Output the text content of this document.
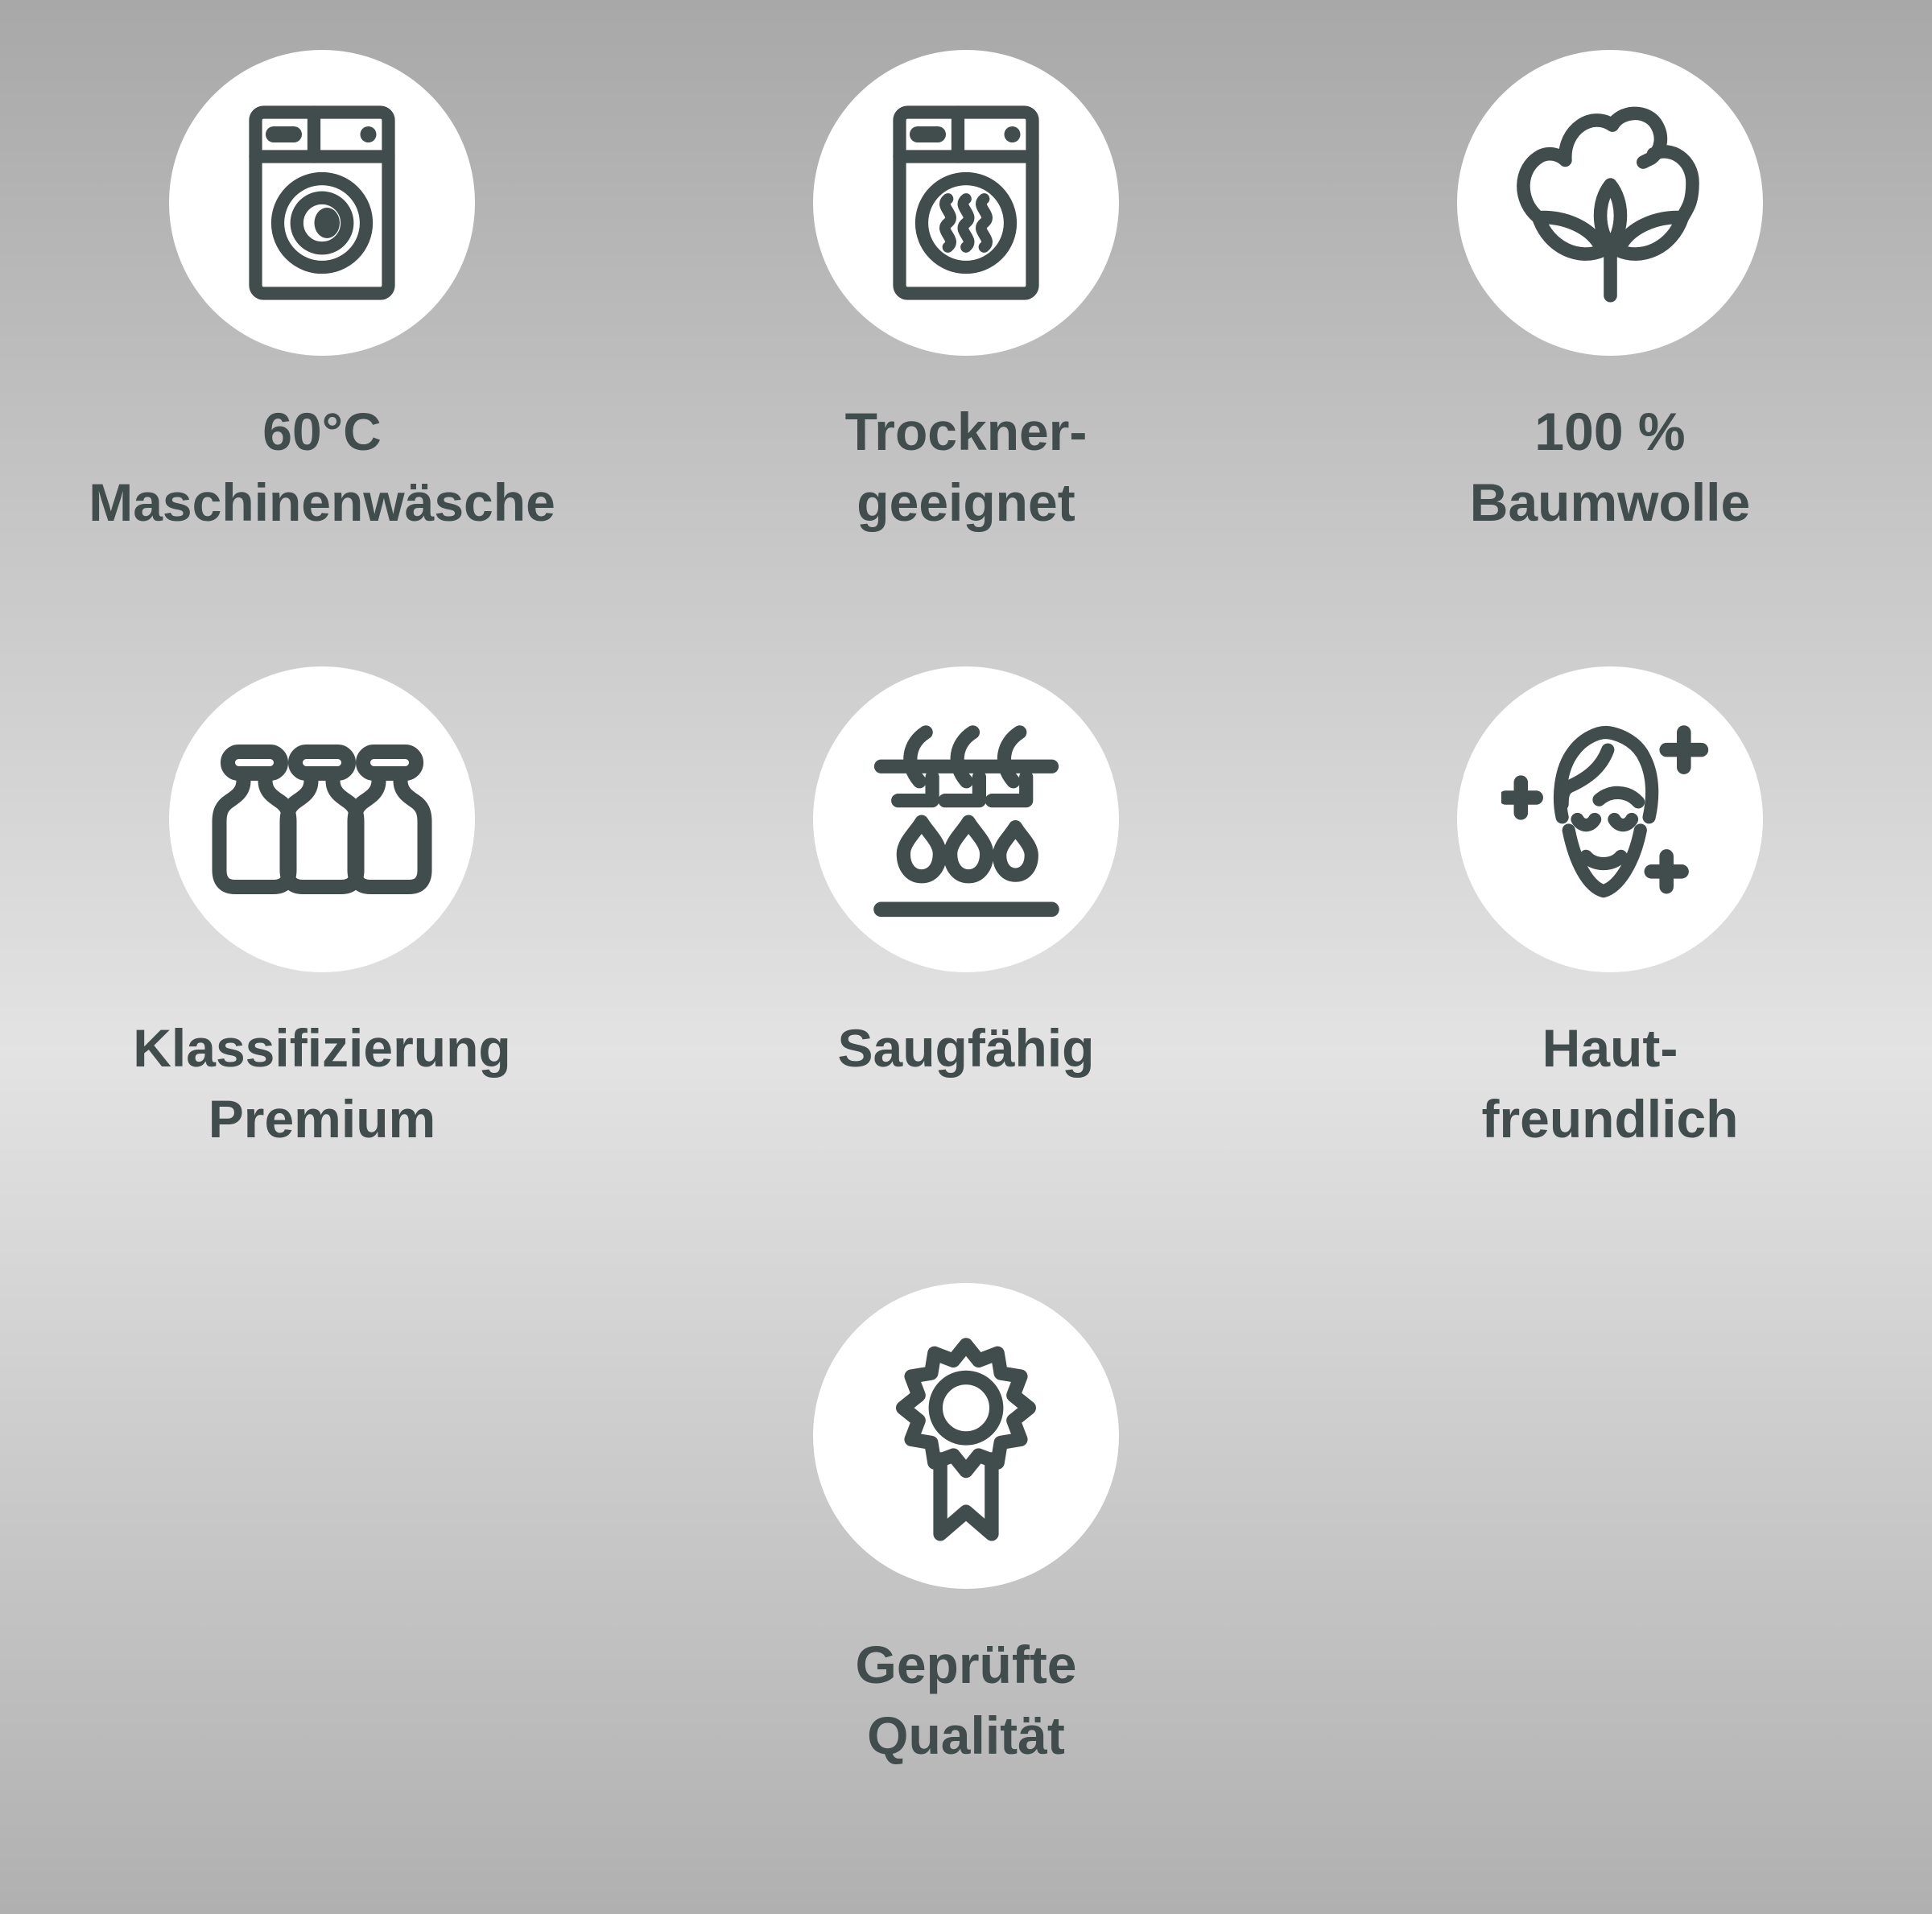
60°C
Maschinenwäsche
Trockner-
geeignet
100 %
Baumwolle
Klassifizierung
Premium
Saugfähig	Haut-
freundlich
Geprüfte
Qualität
